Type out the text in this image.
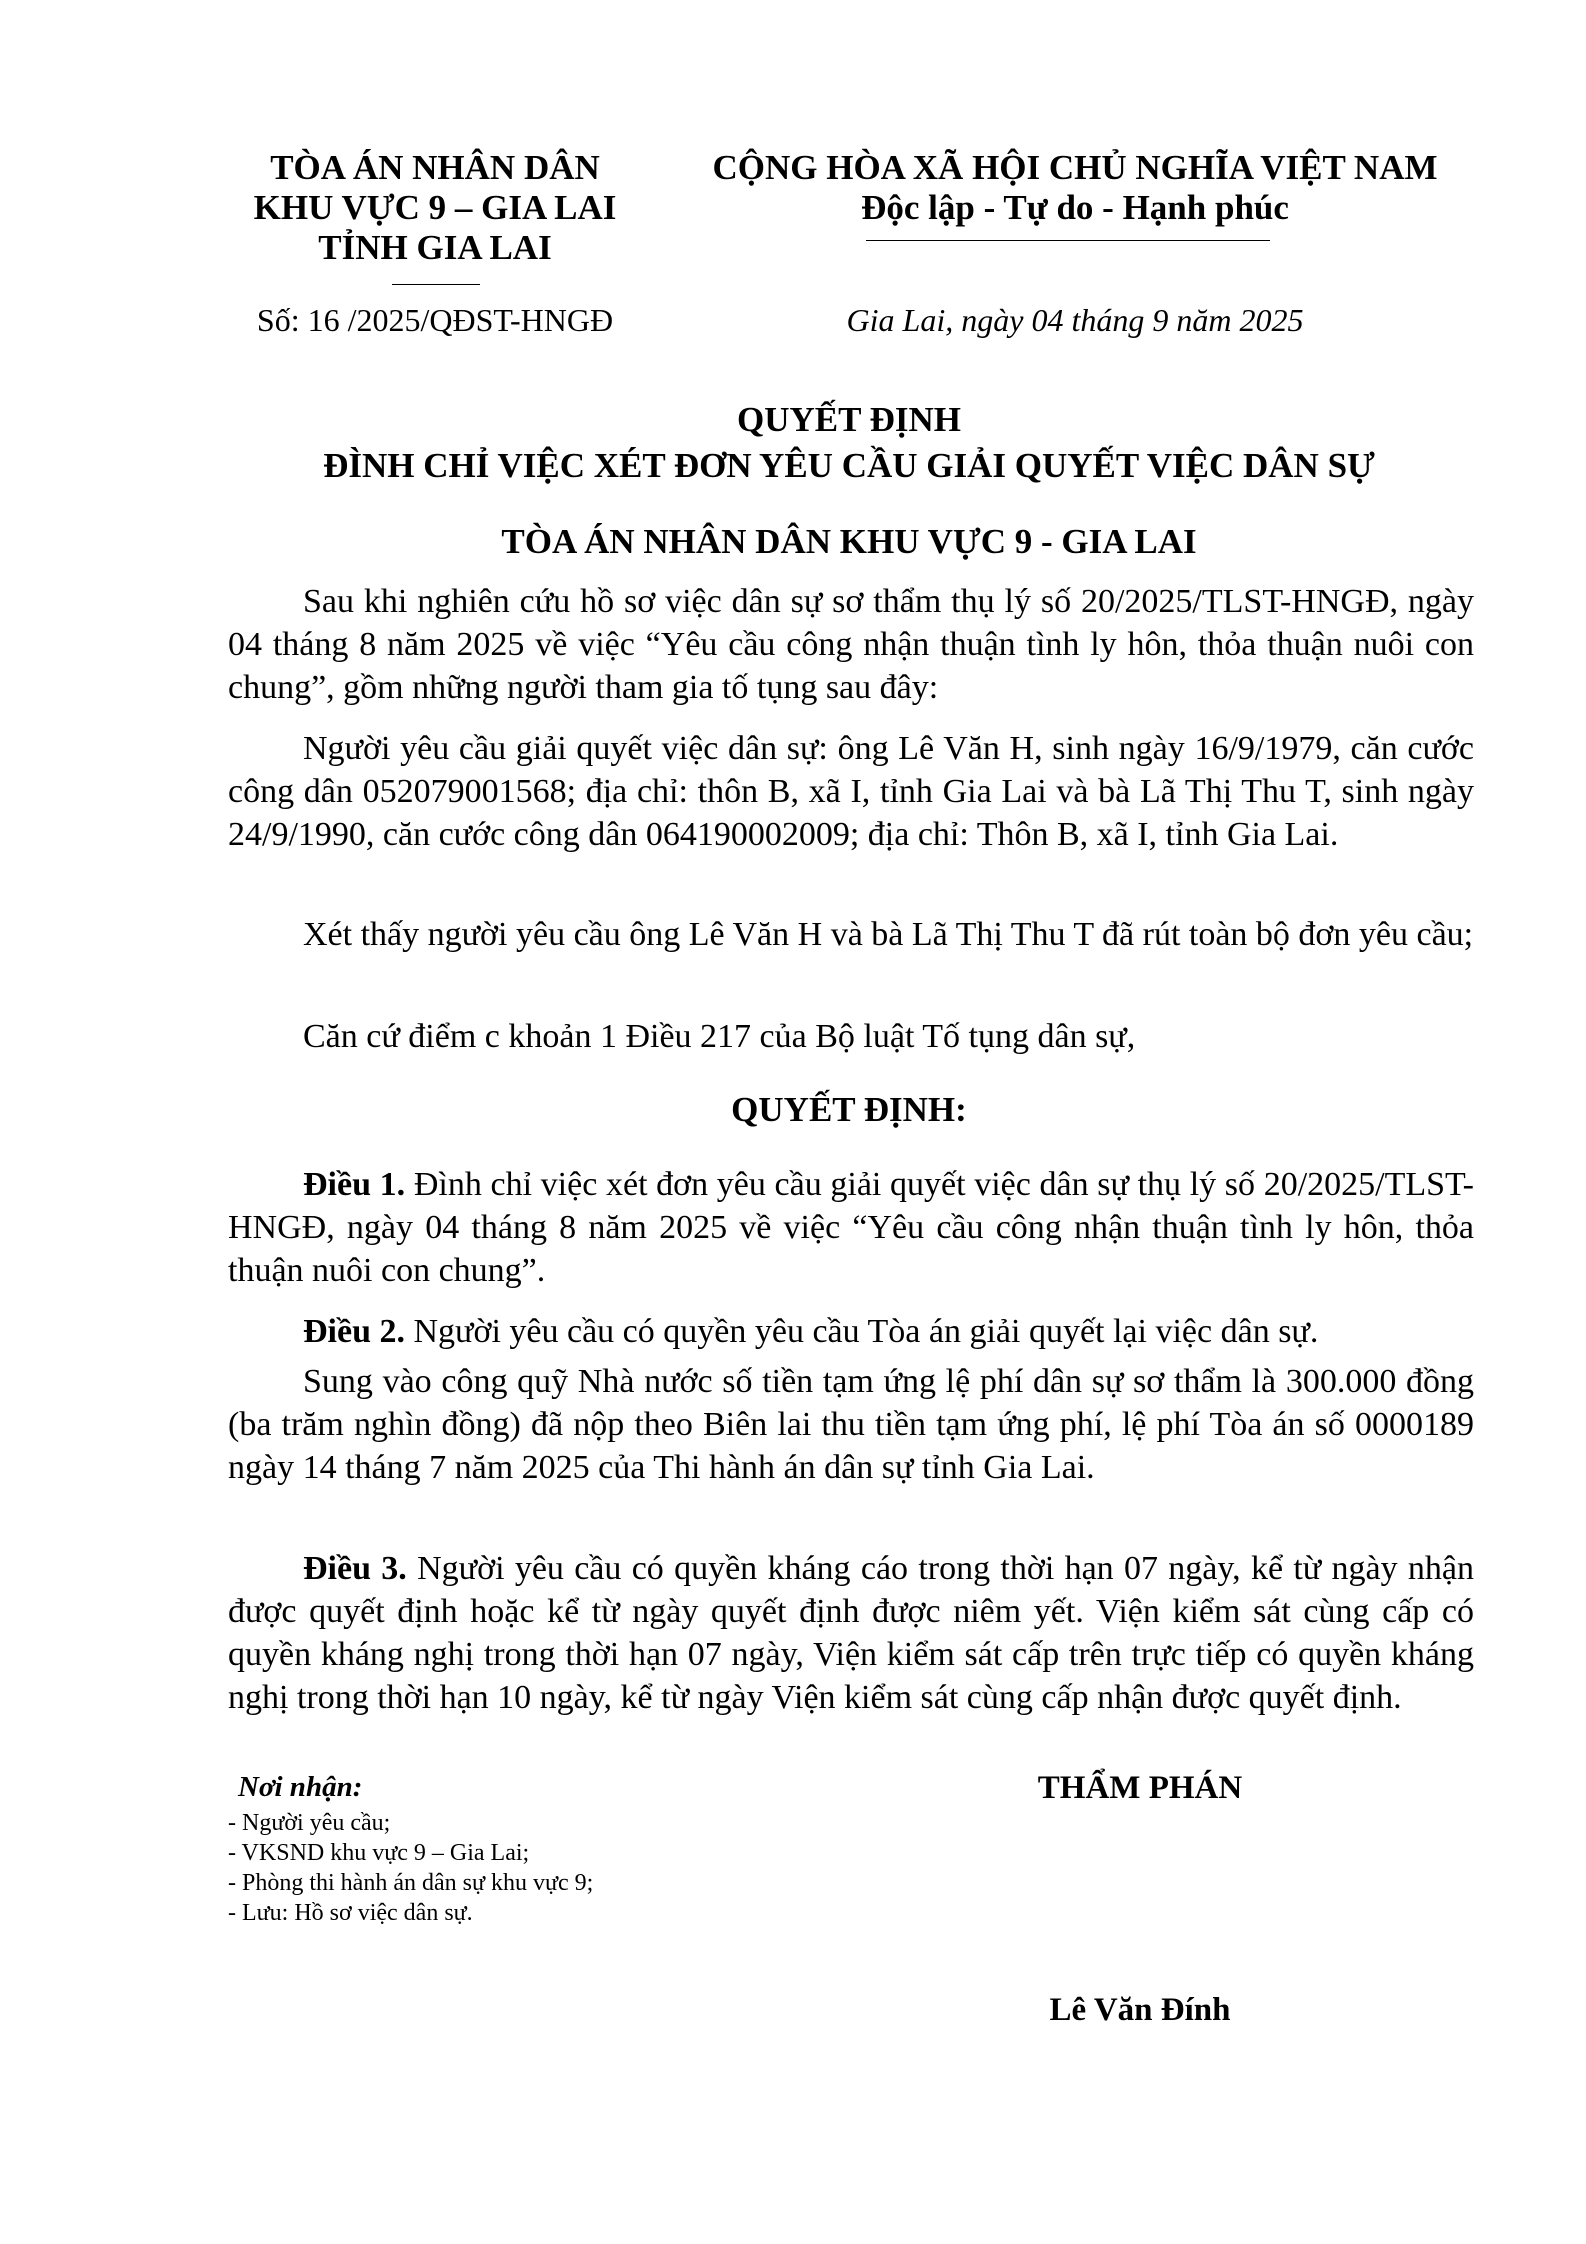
TÒA ÁN NHÂN DÂN
KHU VỰC 9 – GIA LAI
TỈNH GIA LAI
CỘNG HÒA XÃ HỘI CHỦ NGHĨA VIỆT NAM
Độc lập - Tự do - Hạnh phúc
Số: 16 /2025/QĐST-HNGĐ	Gia Lai, ngày 04 tháng 9 năm 2025
QUYẾT ĐỊNH
ĐÌNH CHỈ VIỆC XÉT ĐƠN YÊU CẦU GIẢI QUYẾT VIỆC DÂN SỰ
TÒA ÁN NHÂN DÂN KHU VỰC 9 - GIA LAI

Sau khi nghiên cứu hồ sơ việc dân sự sơ thẩm thụ lý số 20/2025/TLST-HNGĐ, ngày 04 tháng 8 năm 2025 về việc “Yêu cầu công nhận thuận tình ly hôn, thỏa thuận nuôi con chung”, gồm những người tham gia tố tụng sau đây:

Người yêu cầu giải quyết việc dân sự: ông Lê Văn H, sinh ngày 16/9/1979, căn cước công dân 052079001568; địa chỉ: thôn B, xã I, tỉnh Gia Lai và bà Lã Thị Thu T, sinh ngày 24/9/1990, căn cước công dân 064190002009; địa chỉ: Thôn B, xã I, tỉnh Gia Lai.

Xét thấy người yêu cầu ông Lê Văn H và bà Lã Thị Thu T đã rút toàn bộ đơn yêu cầu;

Căn cứ điểm c khoản 1 Điều 217 của Bộ luật Tố tụng dân sự,

QUYẾT ĐỊNH:

Điều 1. Đình chỉ việc xét đơn yêu cầu giải quyết việc dân sự thụ lý số 20/2025/TLST-HNGĐ, ngày 04 tháng 8 năm 2025 về việc “Yêu cầu công nhận thuận tình ly hôn, thỏa thuận nuôi con chung”.

Điều 2. Người yêu cầu có quyền yêu cầu Tòa án giải quyết lại việc dân sự.

Sung vào công quỹ Nhà nước số tiền tạm ứng lệ phí dân sự sơ thẩm là 300.000 đồng (ba trăm nghìn đồng) đã nộp theo Biên lai thu tiền tạm ứng phí, lệ phí Tòa án số 0000189 ngày 14 tháng 7 năm 2025 của Thi hành án dân sự tỉnh Gia Lai.

Điều 3. Người yêu cầu có quyền kháng cáo trong thời hạn 07 ngày, kể từ ngày nhận được quyết định hoặc kể từ ngày quyết định được niêm yết. Viện kiểm sát cùng cấp có quyền kháng nghị trong thời hạn 07 ngày, Viện kiểm sát cấp trên trực tiếp có quyền kháng nghị trong thời hạn 10 ngày, kể từ ngày Viện kiểm sát cùng cấp nhận được quyết định.

Nơi nhận:
- Người yêu cầu;
- VKSND khu vực 9 – Gia Lai;
- Phòng thi hành án dân sự khu vực 9;
- Lưu: Hồ sơ việc dân sự.
THẨM PHÁN
Lê Văn Đính
